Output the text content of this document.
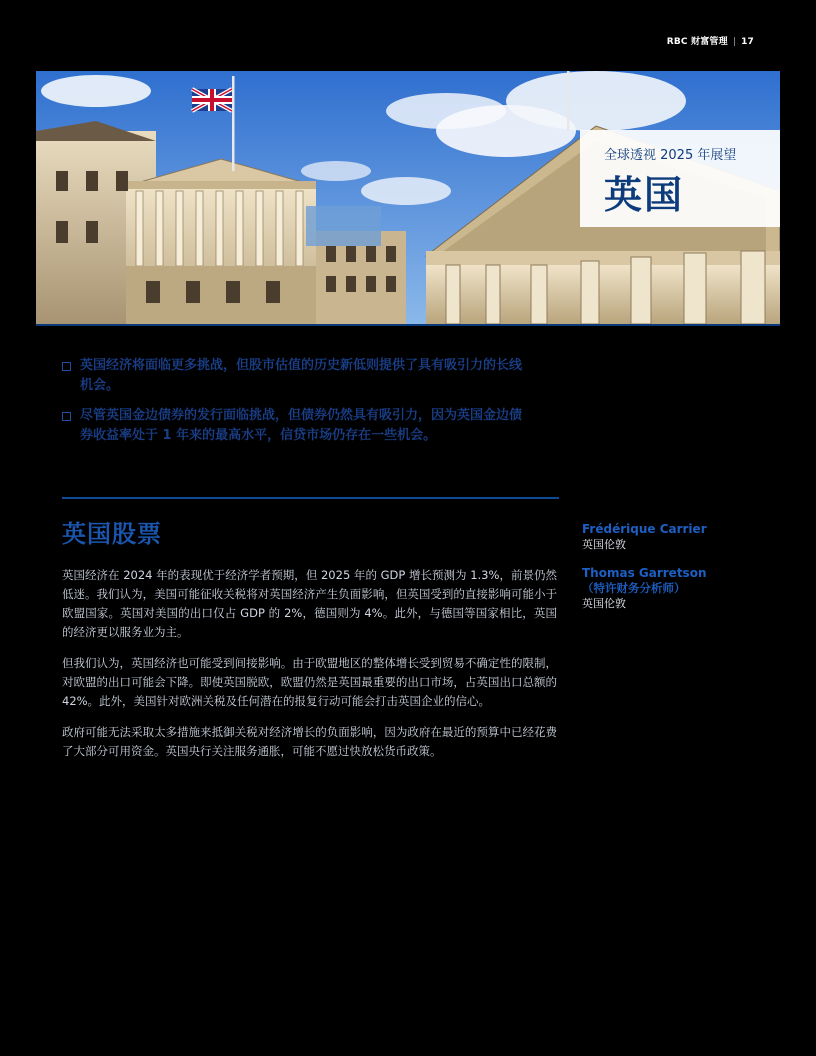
RBC 财富管理 | 17
全球透视 2025 年展望
英国
英国经济将面临更多挑战，但股市估值的历史新低则提供了具有吸引力的长线机会。
尽管英国金边债券的发行面临挑战，但债券仍然具有吸引力，因为英国金边债券收益率处于 1 年来的最高水平，信贷市场仍存在一些机会。
英国股票

英国经济在 2024 年的表现优于经济学者预期，但 2025 年的 GDP 增长预测为 1.3%，前景仍然低迷。我们认为，美国可能征收关税将对英国经济产生负面影响，但英国受到的直接影响可能小于欧盟国家。英国对美国的出口仅占 GDP 的 2%，德国则为 4%。此外，与德国等国家相比，英国的经济更以服务业为主。

但我们认为，英国经济也可能受到间接影响。由于欧盟地区的整体增长受到贸易不确定性的限制，对欧盟的出口可能会下降。即使英国脱欧，欧盟仍然是英国最重要的出口市场，占英国出口总额的 42%。此外，美国针对欧洲关税及任何潜在的报复行动可能会打击英国企业的信心。

政府可能无法采取太多措施来抵御关税对经济增长的负面影响，因为政府在最近的预算中已经花费了大部分可用资金。英国央行关注服务通胀，可能不愿过快放松货币政策。

Frédérique Carrier
英国伦敦
Thomas Garretson
（特许财务分析师）
英国伦敦
